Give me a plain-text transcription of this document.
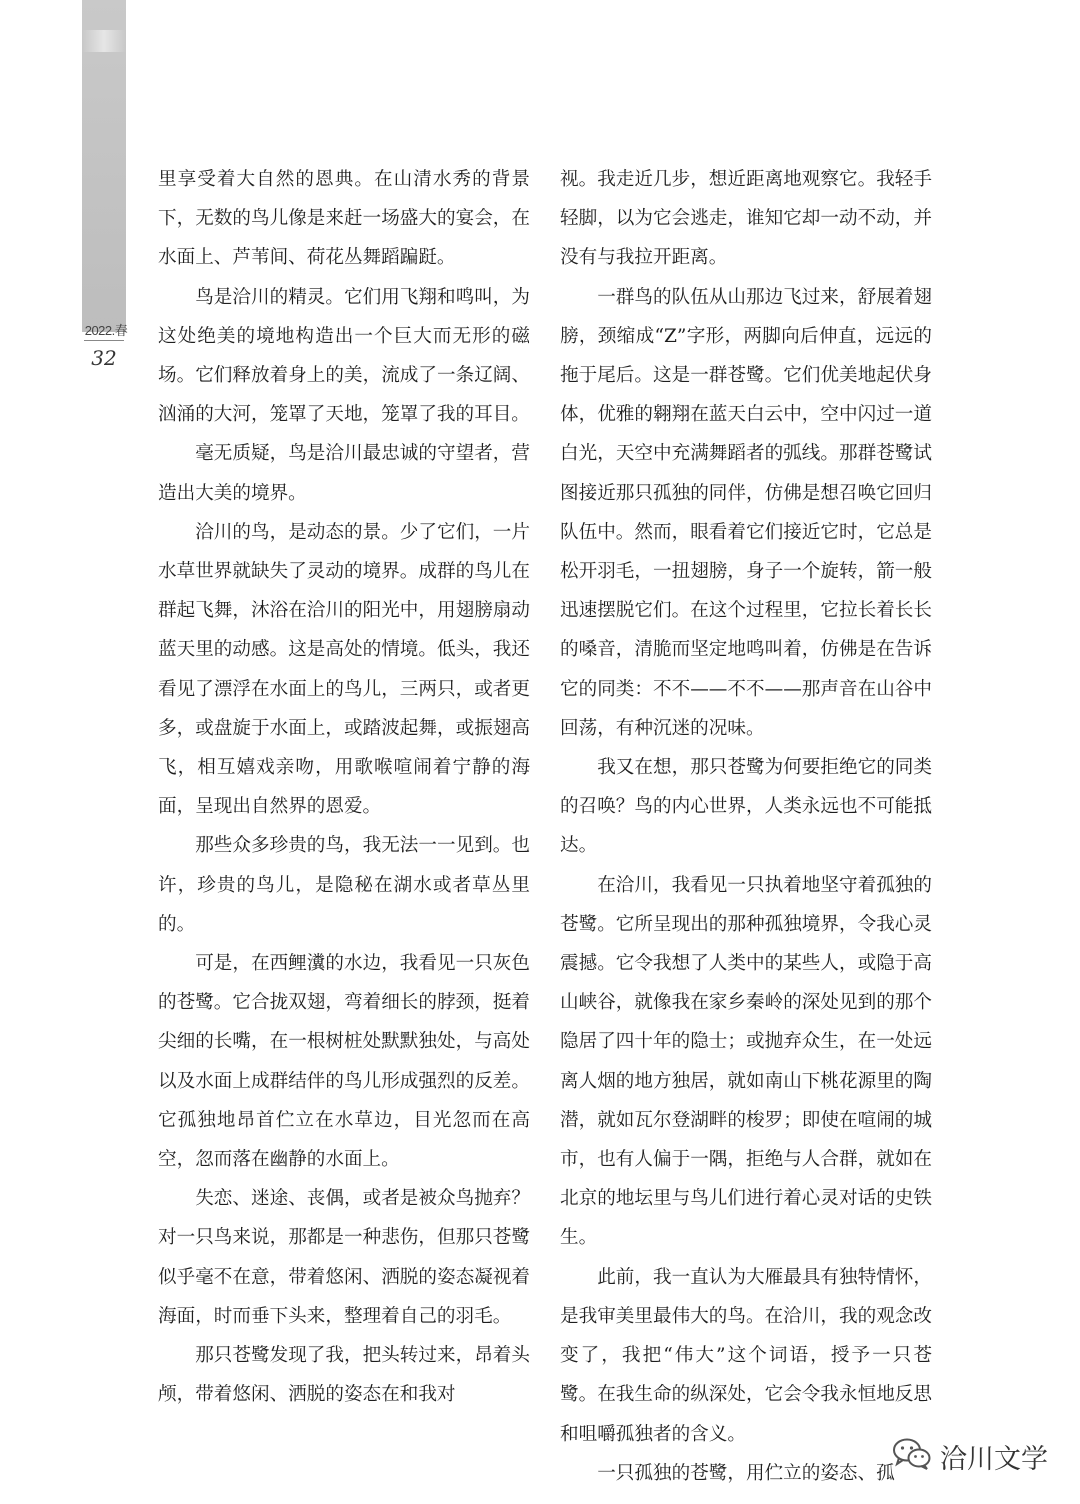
洽川
综合文学季刊
2022.春
32

里享受着大自然的恩典。在山清水秀的背景下，无数的鸟儿像是来赶一场盛大的宴会，在水面上、芦苇间、荷花丛舞蹈蹁跹。

鸟是洽川的精灵。它们用飞翔和鸣叫，为这处绝美的境地构造出一个巨大而无形的磁场。它们释放着身上的美，流成了一条辽阔、汹涌的大河，笼罩了天地，笼罩了我的耳目。

毫无质疑，鸟是洽川最忠诚的守望者，营造出大美的境界。

洽川的鸟，是动态的景。少了它们，一片水草世界就缺失了灵动的境界。成群的鸟儿在群起飞舞，沐浴在洽川的阳光中，用翅膀扇动蓝天里的动感。这是高处的情境。低头，我还看见了漂浮在水面上的鸟儿，三两只，或者更多，或盘旋于水面上，或踏波起舞，或振翅高飞，相互嬉戏亲吻，用歌喉喧闹着宁静的海面，呈现出自然界的恩爱。

那些众多珍贵的鸟，我无法一一见到。也许，珍贵的鸟儿，是隐秘在湖水或者草丛里的。

可是，在西鲤瀵的水边，我看见一只灰色的苍鹭。它合拢双翅，弯着细长的脖颈，挺着尖细的长嘴，在一根树桩处默默独处，与高处以及水面上成群结伴的鸟儿形成强烈的反差。它孤独地昂首伫立在水草边，目光忽而在高空，忽而落在幽静的水面上。

失恋、迷途、丧偶，或者是被众鸟抛弃？对一只鸟来说，那都是一种悲伤，但那只苍鹭似乎毫不在意，带着悠闲、洒脱的姿态凝视着海面，时而垂下头来，整理着自己的羽毛。

那只苍鹭发现了我，把头转过来，昂着头颅，带着悠闲、洒脱的姿态在和我对

视。我走近几步，想近距离地观察它。我轻手轻脚，以为它会逃走，谁知它却一动不动，并没有与我拉开距离。

一群鸟的队伍从山那边飞过来，舒展着翅膀，颈缩成“Z”字形，两脚向后伸直，远远的拖于尾后。这是一群苍鹭。它们优美地起伏身体，优雅的翱翔在蓝天白云中，空中闪过一道白光，天空中充满舞蹈者的弧线。那群苍鹭试图接近那只孤独的同伴，仿佛是想召唤它回归队伍中。然而，眼看着它们接近它时，它总是松开羽毛，一扭翅膀，身子一个旋转，箭一般迅速摆脱它们。在这个过程里，它拉长着长长的嗓音，清脆而坚定地鸣叫着，仿佛是在告诉它的同类：不不——不不——那声音在山谷中回荡，有种沉迷的况味。

我又在想，那只苍鹭为何要拒绝它的同类的召唤？鸟的内心世界，人类永远也不可能抵达。

在洽川，我看见一只执着地坚守着孤独的苍鹭。它所呈现出的那种孤独境界，令我心灵震撼。它令我想了人类中的某些人，或隐于高山峡谷，就像我在家乡秦岭的深处见到的那个隐居了四十年的隐士；或抛弃众生，在一处远离人烟的地方独居，就如南山下桃花源里的陶潜，就如瓦尔登湖畔的梭罗；即使在喧闹的城市，也有人偏于一隅，拒绝与人合群，就如在北京的地坛里与鸟儿们进行着心灵对话的史铁生。

此前，我一直认为大雁最具有独特情怀，是我审美里最伟大的鸟。在洽川，我的观念改变了，我把“伟大”这个词语，授予一只苍鹭。在我生命的纵深处，它会令我永恒地反思和咀嚼孤独者的含义。

一只孤独的苍鹭，用伫立的姿态、孤	洽川文学
